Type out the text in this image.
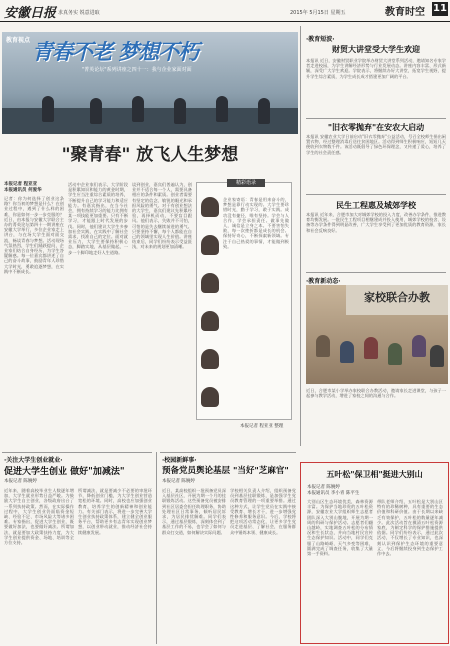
安徽日报 求真务实 锐意进取	2015年 5月15日 星期五	教育时空 11
教育视点 青春不老 梦想不朽
"菁英论坛"系列讲座之四十一：我与企业家面对面
"聚青春" 放飞人生梦想
本报记者 程亚亚
本报通讯员 何爱华
记者：你为何选择了创业这条路？你当初的梦想是什么？在创业过程中，遇到了什么样的困难，你是如何一步一步克服的？近日，由本报与安徽大学联合主办的菁英论坛第四十一期讲座在安徽大学举行，多位企业家走上讲台，与在场大学生面对面交流，畅谈青春与梦想。活动现场气氛热烈，学生们踊跃提问，企业家们结合自身经历，为学生答疑解惑。每一位嘉宾都讲述了自己的奋斗故事，鼓励青年人珍惜大学时光，勇敢追逐梦想，在实践中不断成长。
活动中企业家们表示，大学阶段是积累知识和能力的黄金时期，学生应当注重综合素质的培养，不断提升自己的学习能力和适应能力。有嘉宾指出，在当今社会，拥有持续学习的能力比拥有某一项技能更加重要。只有不断学习，才能跟上时代发展的步伐。同时，他们建议大学生多参加社会实践，在实践中了解社会需求，找准自己的定位。面对就业压力，大学生要保持积极心态，脚踏实地，从基层做起，一步一个脚印地走好人生道路。
谈到创业，嘉宾们普遍认为，创业并不适合每一个人，需要具备相应的条件和素质。创业者需要有坚定的信念、敏锐的眼光和承担风险的勇气。对于有创业想法的大学生，嘉宾们建议先积累经验，再择机而动，不要盲目跟风。他们表示，失败并不可怕，可怕的是失去继续前进的勇气。只要坚持不懈，每个人都能在自己的领域里实现人生价值。讲座结束后，同学们纷纷表示受益匪浅，对未来的规划更加清晰。
精彩语录
企业家寄语：青春是用来奋斗的，梦想是靠行动实现的。大学生要珍惜时光，勤于学习，敢于实践。成功没有捷径，唯有坚持。学会与人合作，学会承担责任。做事先做人，诚信是立身之本。不要害怕失败，每一次挫折都是成长的机会。保持好奇心，不断探索新领域。专注于自己热爱的事情，才能做到极致。
本报记者 程亚亚 整理
·教育短波·
财贸大讲堂受大学生欢迎
本报讯 近日，安徽财贸职业学院举办财贸大讲堂系列活动，邀请知名专家学者走进校园，为学生讲解经济形势与行业发展动态。讲座内容丰富、形式新颖，深受广大学生欢迎。学院表示，将继续办好大讲堂，拓宽学生视野，提升学生综合素质，为学生成长成才搭建更加广阔的平台。
"旧衣零抛弃"在安农大启动
本报讯 安徽农业大学日前启动"旧衣零抛弃"公益活动，号召全校师生捐出闲置衣物，经过整理消毒后送往贫困地区。活动得到师生积极响应，短短几天便收到衣物数千件。该活动既倡导了绿色环保理念，又传递了爱心，培养了学生的社会责任感。
民生工程惠及城郊学校
本报讯 近年来，合肥市加大对城郊学校的投入力度，改善办学条件，推进教育均衡发展。一批民生工程项目相继建成并投入使用，城郊学校的校舍、设备等办学条件得到明显改善，广大学生享受到了更加优质的教育资源，家长和社会反响良好。
·教育新动态·
家校联合办教
近日，合肥市某小学举办家校联合办教活动，邀请家长走进课堂，与孩子一起参与教学活动，增进了家校之间的沟通与合作。
五叶松"保卫相"挺进大别山
本报记者 陈婉婷
本报通讯员 李小青 陈平生
大别山区生态环境优美，森林资源丰富。为保护当地珍贵的五叶松资源，安徽农业大学组织师生志愿者团队深入大别山腹地，开展为期一周的科研与保护活动。志愿者们翻山越岭，实地调查五叶松的分布情况和生长状态，并向当地村民宣传生态保护知识。活动中，同学们克服了山路崎岖、天气多变等困难，圆满完成了调查任务，收集了大量第一手资料。
带队老师介绍，五叶松是大别山区特有的珍稀树种，具有重要的生态价值和科研价值。由于长期以来缺乏有效保护，五叶松的数量逐年减少。此次活动旨在摸清五叶松资源家底，为制定科学的保护措施提供依据。同学们纷纷表示，通过此次活动，不仅增长了专业知识，也深刻认识到保护生态环境的重要意义，今后将继续投身到生态保护工作中去。
·关注大学生创业就业·
促进大学生创业 做好"加减法"
本报记者 陈婉婷
近年来，随着高校毕业生人数逐年增加，大学生就业形势日益严峻。为鼓励大学生自主创业，各级政府出台了一系列扶持政策。然而，在实际操作过程中，大学生创业仍面临资金短缺、经验不足、市场风险大等诸多困难。专家指出，促进大学生创业，既要做好加法，也要做好减法。所谓加法，就是要加大政策扶持力度，为大学生创业提供资金、场地、培训等全方位支持。
所谓减法，就是要减少不必要的审批环节，降低创业门槛，为大学生创业营造宽松的环境。同时，高校也应加强创业教育，培养学生的创新精神和创业能力。有关部门表示，将进一步完善大学生创业扶持政策体系，建立健全创业服务平台，帮助更多有志青年实现创业梦想，以创业带动就业，推动经济社会持续健康发展。
·校园新鲜事·
预备党员舆论基层 "当好"芝麻官"
本报记者 陈婉婷
近日，某高校组织一批预备党员深入基层社区，开展为期一个月的挂职锻炼活动。这些预备党员被安排到社区居委会担任助理职务，协助处理社区日常事务，倾听居民诉求，为居民排忧解难。同学们表示，通过基层锻炼，深刻体会到了基层工作的不易，也学会了如何与群众打交道，如何解决实际问题。
学校相关负责人介绍，组织预备党员到基层挂职锻炼，是加强学生党员教育管理的一项重要举措。通过这种方式，让学生党员在实践中接受教育、增长才干，进一步增强党性修养和服务意识。今后，学校将把这项活动常态化，让更多学生党员走进基层、了解社会，在服务群众中锤炼本领、健康成长。
